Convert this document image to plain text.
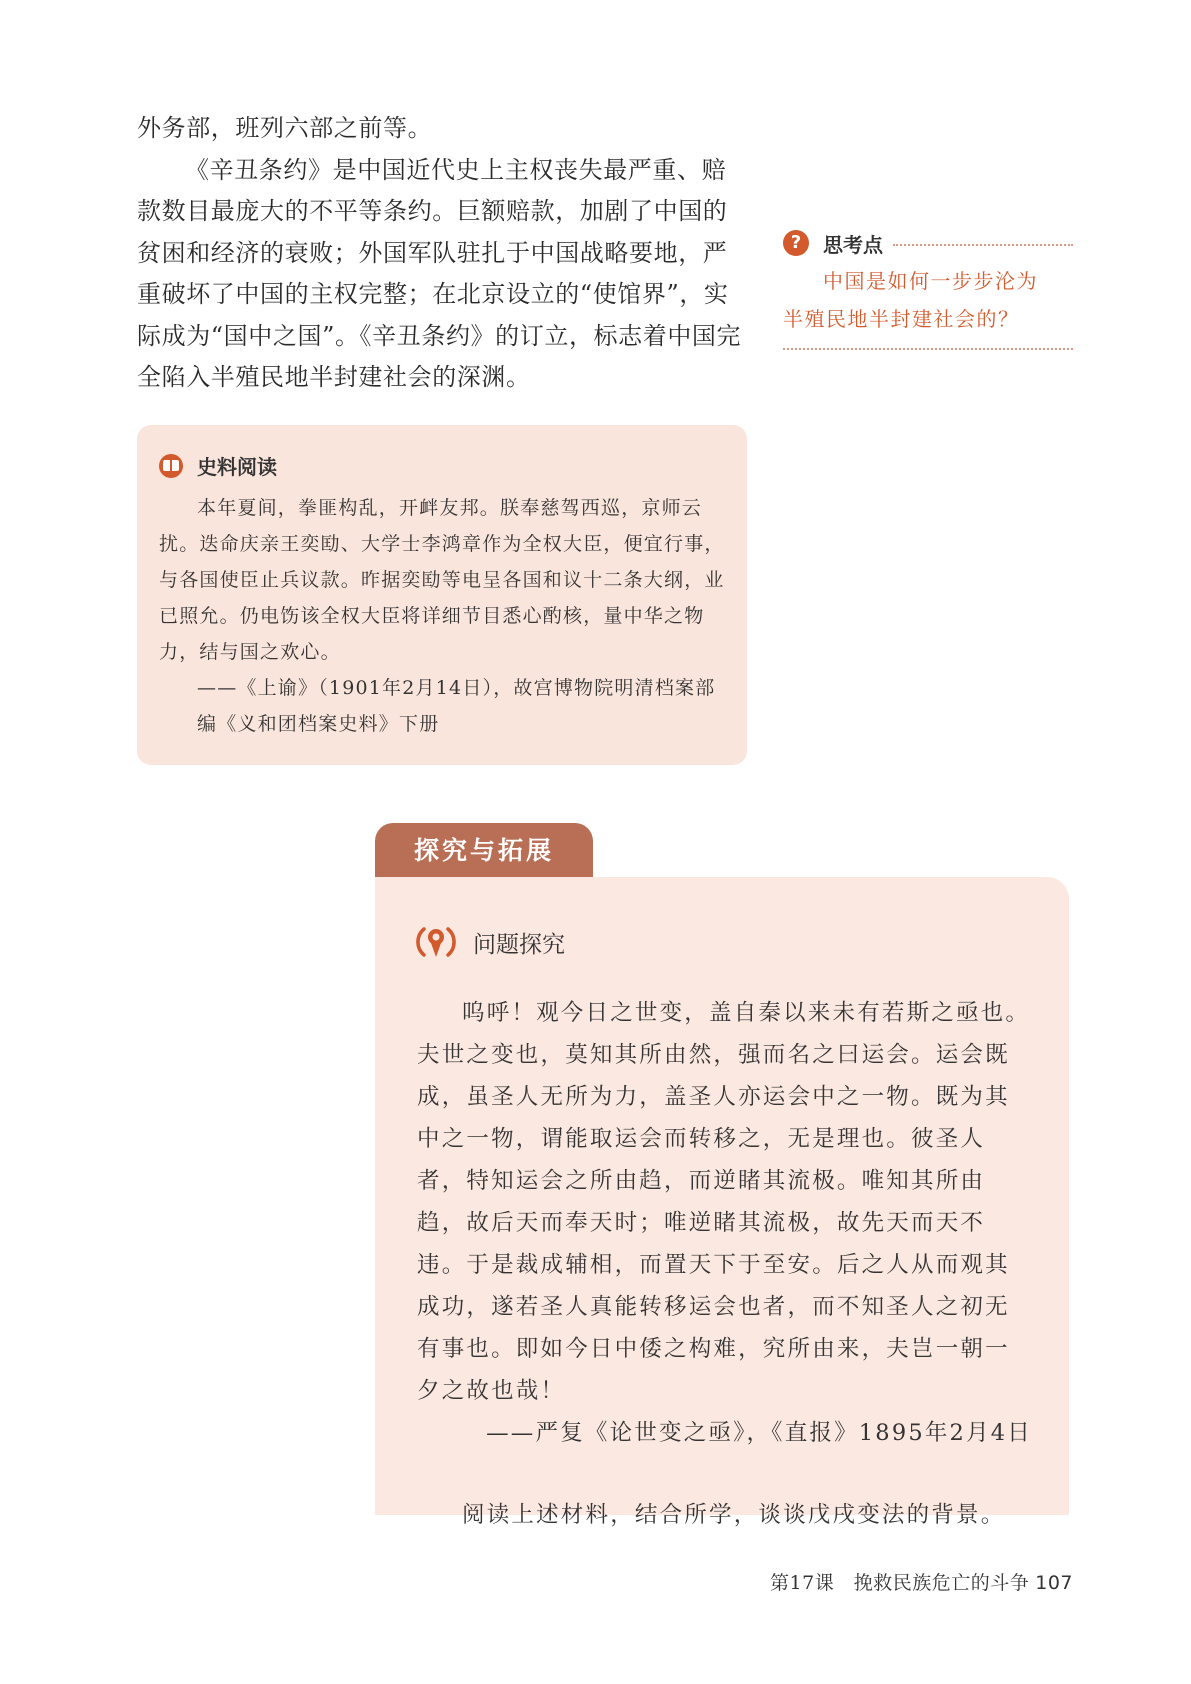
外务部，班列六部之前等。

《辛丑条约》是中国近代史上主权丧失最严重、赔款数目最庞大的不平等条约。巨额赔款，加剧了中国的贫困和经济的衰败；外国军队驻扎于中国战略要地，严重破坏了中国的主权完整；在北京设立的“使馆界”，实际成为“国中之国”。《辛丑条约》的订立，标志着中国完全陷入半殖民地半封建社会的深渊。

?	思考点
中国是如何一步步沦为
半殖民地半封建社会的？
史料阅读

本年夏间，拳匪构乱，开衅友邦。朕奉慈驾西巡，京师云扰。迭命庆亲王奕劻、大学士李鸿章作为全权大臣，便宜行事，与各国使臣止兵议款。昨据奕劻等电呈各国和议十二条大纲，业已照允。仍电饬该全权大臣将详细节目悉心酌核，量中华之物力，结与国之欢心。

——《上谕》（1901年2月14日），故宫博物院明清档案部编《义和团档案史料》下册

探究与拓展
问题探究

呜呼！观今日之世变，盖自秦以来未有若斯之亟也。夫世之变也，莫知其所由然，强而名之曰运会。运会既成，虽圣人无所为力，盖圣人亦运会中之一物。既为其中之一物，谓能取运会而转移之，无是理也。彼圣人者，特知运会之所由趋，而逆睹其流极。唯知其所由趋，故后天而奉天时；唯逆睹其流极，故先天而天不违。于是裁成辅相，而置天下于至安。后之人从而观其成功，遂若圣人真能转移运会也者，而不知圣人之初无有事也。即如今日中倭之构难，究所由来，夫岂一朝一夕之故也哉！

——严复《论世变之亟》，《直报》1895年2月4日

阅读上述材料，结合所学，谈谈戊戌变法的背景。

第17课　挽救民族危亡的斗争 107
